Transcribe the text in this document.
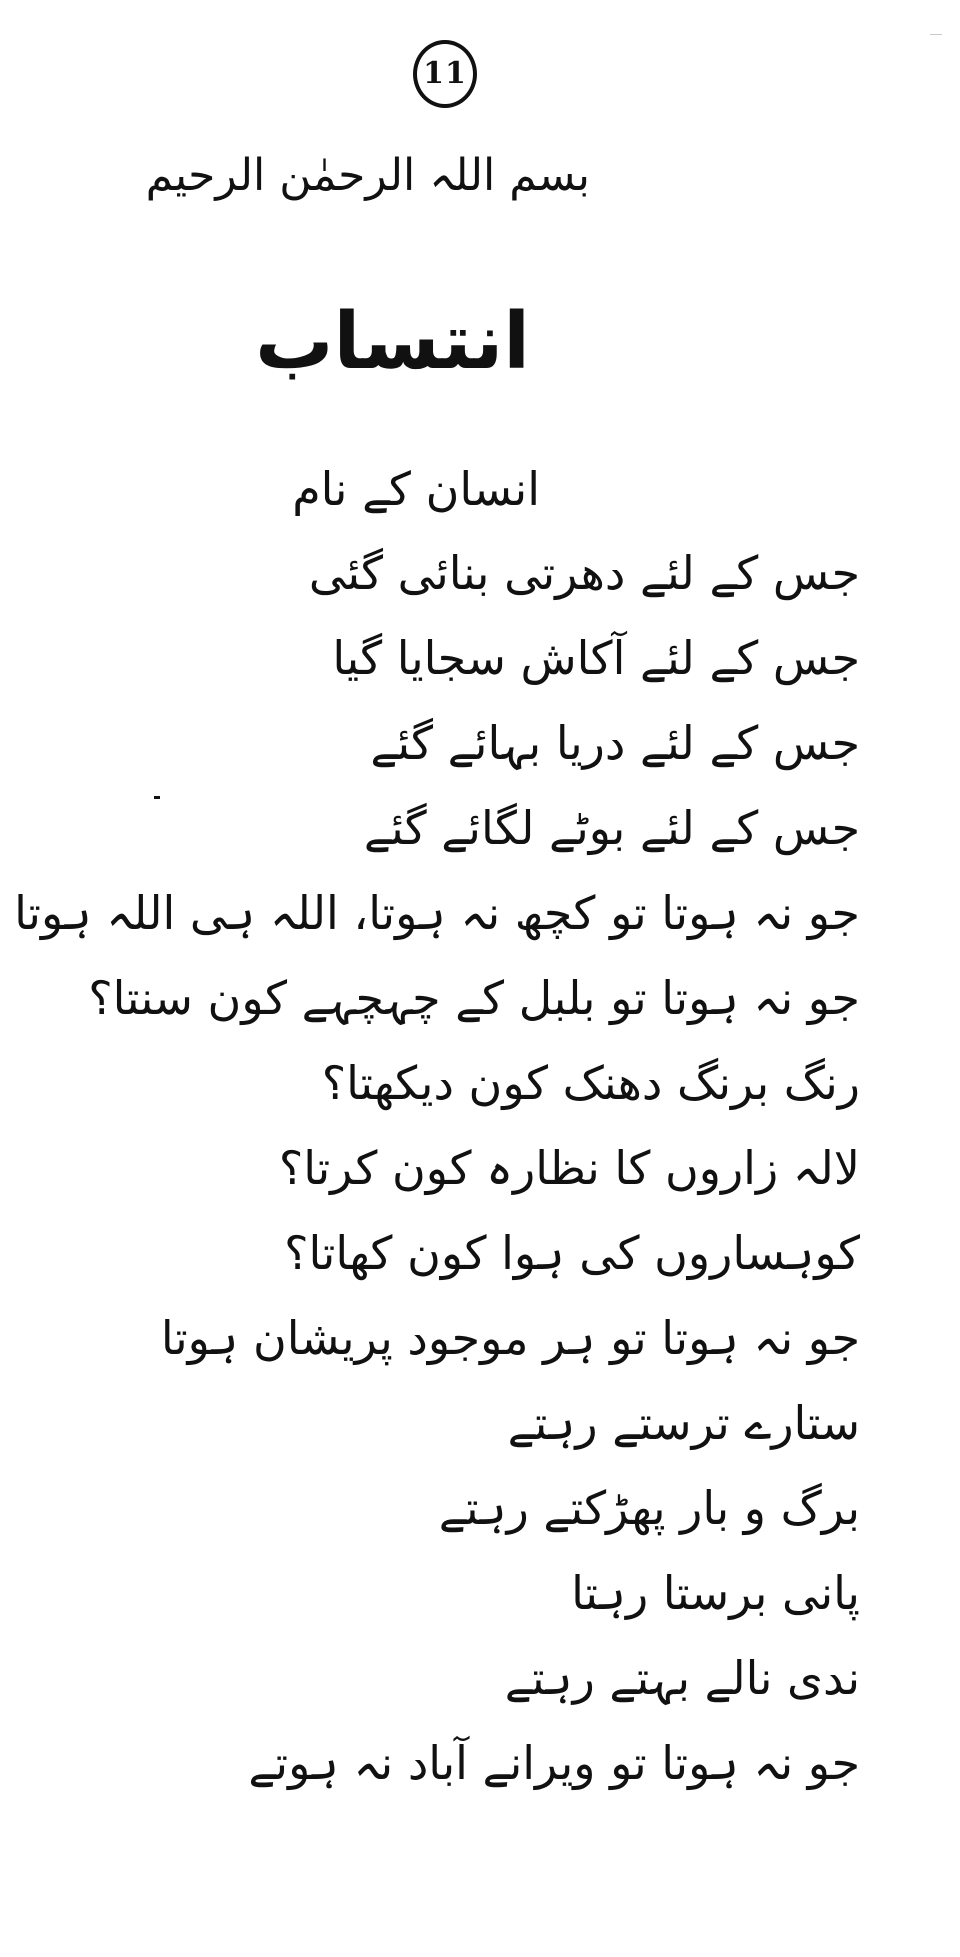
11
بسم اللہ الرحمٰن الرحیم
انتساب
انسان کے نام
جس کے لئے دھرتی بنائی گئی
جس کے لئے آکاش سجایا گیا
جس کے لئے دریا بہائے گئے
جس کے لئے بوٹے لگائے گئے
جو نہ ہوتا تو کچھ نہ ہوتا، اللہ ہی اللہ ہوتا
جو نہ ہوتا تو بلبل کے چہچہے کون سنتا؟
رنگ برنگ دھنک کون دیکھتا؟
لالہ زاروں کا نظارہ کون کرتا؟
کوہساروں کی ہوا کون کھاتا؟
جو نہ ہوتا تو ہر موجود پریشان ہوتا
ستارے ترستے رہتے
برگ و بار پھڑکتے رہتے
پانی برستا رہتا
ندی نالے بہتے رہتے
جو نہ ہوتا تو ویرانے آباد نہ ہوتے
